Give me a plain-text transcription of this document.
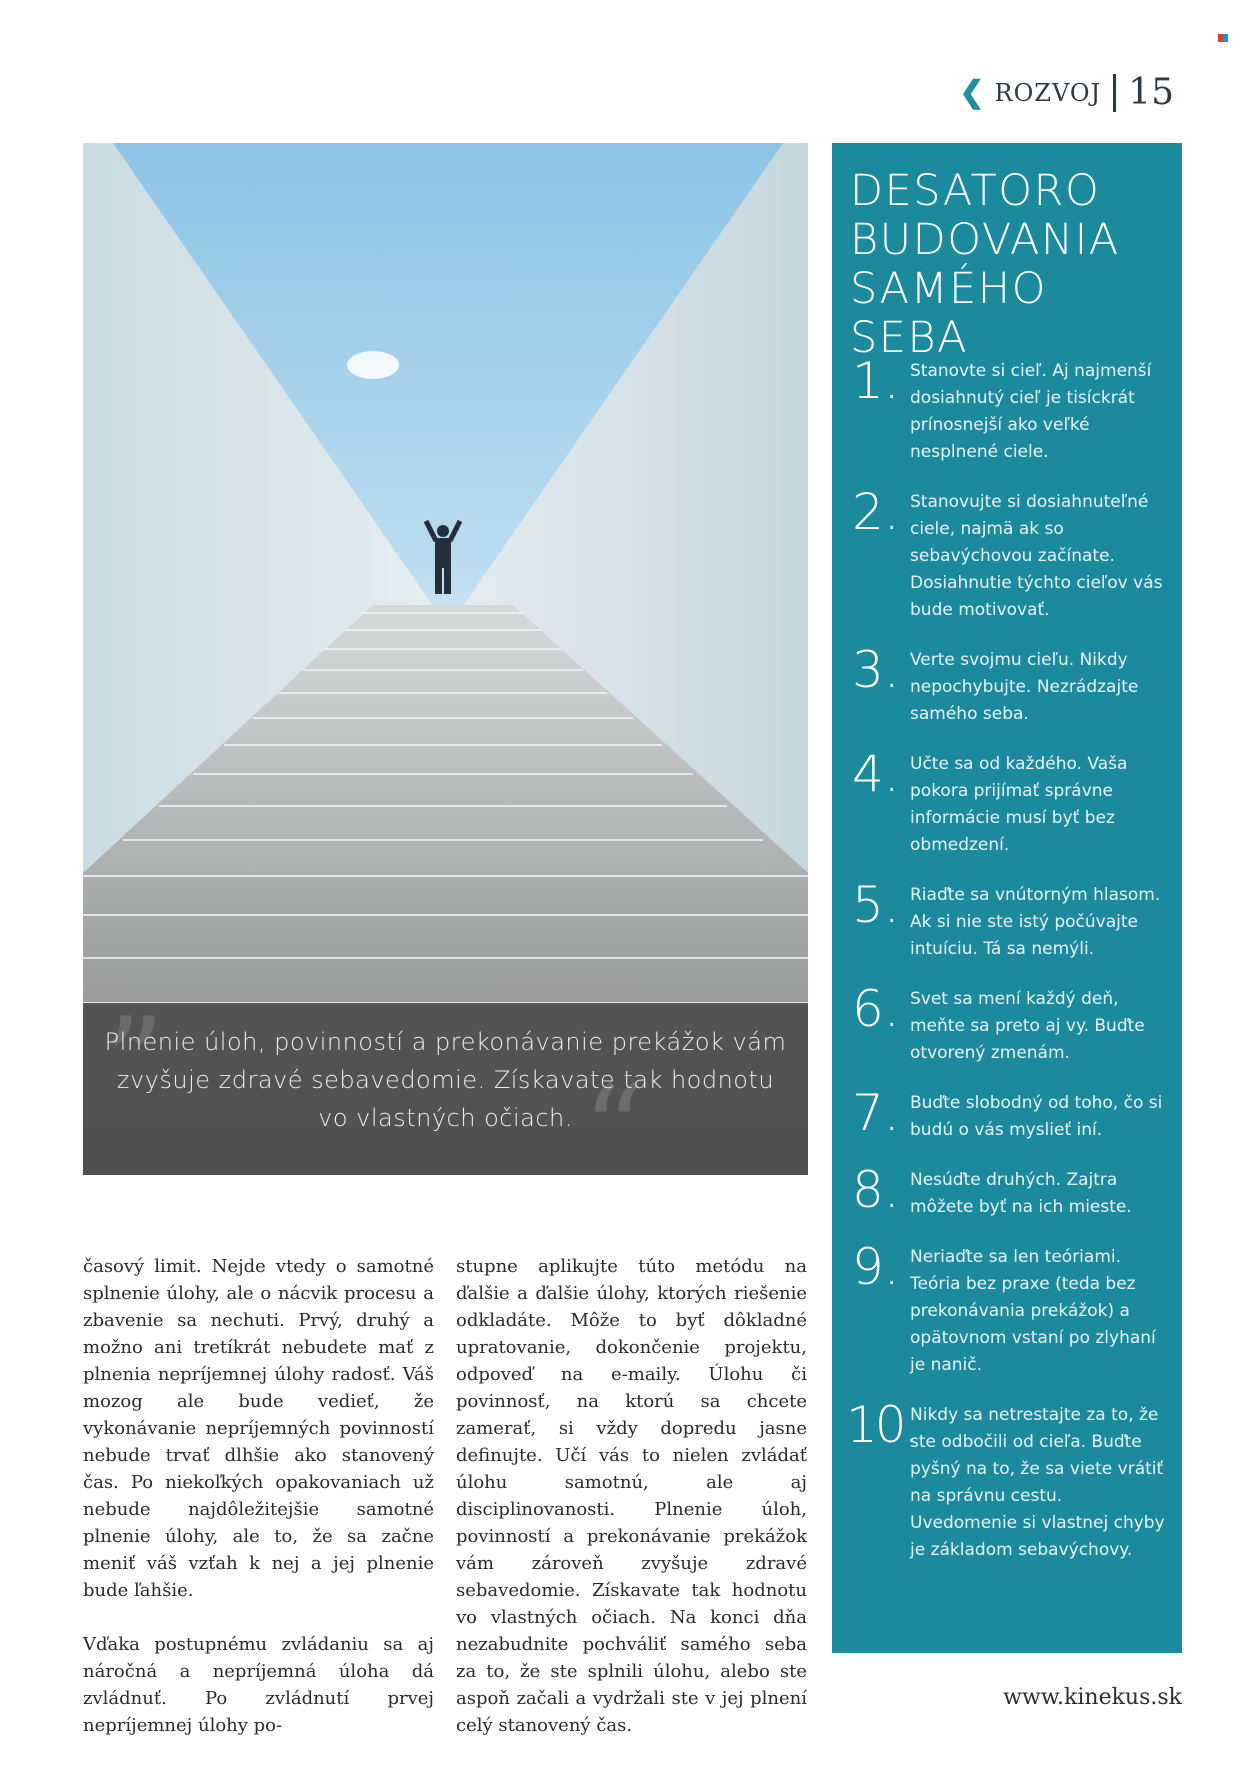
❮ ROZVOJ 15
”	“
Plnenie úloh, povinností a prekonávanie prekážok vám zvyšuje zdravé sebavedomie. Získavate tak hodnotu vo vlastných očiach.

časový limit. Nejde vtedy o samotné splnenie úlohy, ale o nácvik procesu a zbavenie sa nechuti. Prvý, druhý a možno ani tretíkrát nebudete mať z plnenia nepríjemnej úlohy radosť. Váš mozog ale bude vedieť, že vykonávanie nepríjemných povinností nebude trvať dlhšie ako stanovený čas. Po niekoľkých opakovaniach už nebude najdôležitejšie samotné plnenie úlohy, ale to, že sa začne meniť váš vzťah k nej a jej plnenie bude ľahšie.

Vďaka postupnému zvládaniu sa aj náročná a nepríjemná úloha dá zvládnuť. Po zvládnutí prvej nepríjemnej úlohy po-

stupne aplikujte túto metódu na ďalšie a ďalšie úlohy, ktorých riešenie odkladáte. Môže to byť dôkladné upratovanie, dokončenie projektu, odpoveď na e-maily. Úlohu či povinnosť, na ktorú sa chcete zamerať, si vždy dopredu jasne definujte. Učí vás to nielen zvládať úlohu samotnú, ale aj disciplinovanosti. Plnenie úloh, povinností a prekonávanie prekážok vám zároveň zvyšuje zdravé sebavedomie. Získavate tak hodnotu vo vlastných očiach. Na konci dňa nezabudnite pochváliť samého seba za to, že ste splnili úlohu, alebo ste aspoň začali a vydržali ste v jej plnení celý stanovený čas.

DESATORO BUDOVANIA SAMÉHO SEBA
1. Stanovte si cieľ. Aj najmenší dosiahnutý cieľ je tisíckrát prínosnejší ako veľké nesplnené ciele.
2. Stanovujte si dosiahnuteľné ciele, najmä ak so sebavýchovou začínate. Dosiahnutie týchto cieľov vás bude motivovať.
3. Verte svojmu cieľu. Nikdy nepochybujte. Nezrádzajte samého seba.
4. Učte sa od každého. Vaša pokora prijímať správne informácie musí byť bez obmedzení.
5. Riaďte sa vnútorným hlasom. Ak si nie ste istý počúvajte intuíciu. Tá sa nemýli.
6. Svet sa mení každý deň, meňte sa preto aj vy. Buďte otvorený zmenám.
7. Buďte slobodný od toho, čo si budú o vás myslieť iní.
8. Nesúďte druhých. Zajtra môžete byť na ich mieste.
9. Neriaďte sa len teóriami. Teória bez praxe (teda bez prekonávania prekážok) a opätovnom vstaní po zlyhaní je nanič.
10.
Nikdy sa netrestajte za to, že ste odbočili od cieľa. Buďte pyšný na to, že sa viete vrátiť na správnu cestu. Uvedomenie si vlastnej chyby je základom sebavýchovy.
www.kinekus.sk
